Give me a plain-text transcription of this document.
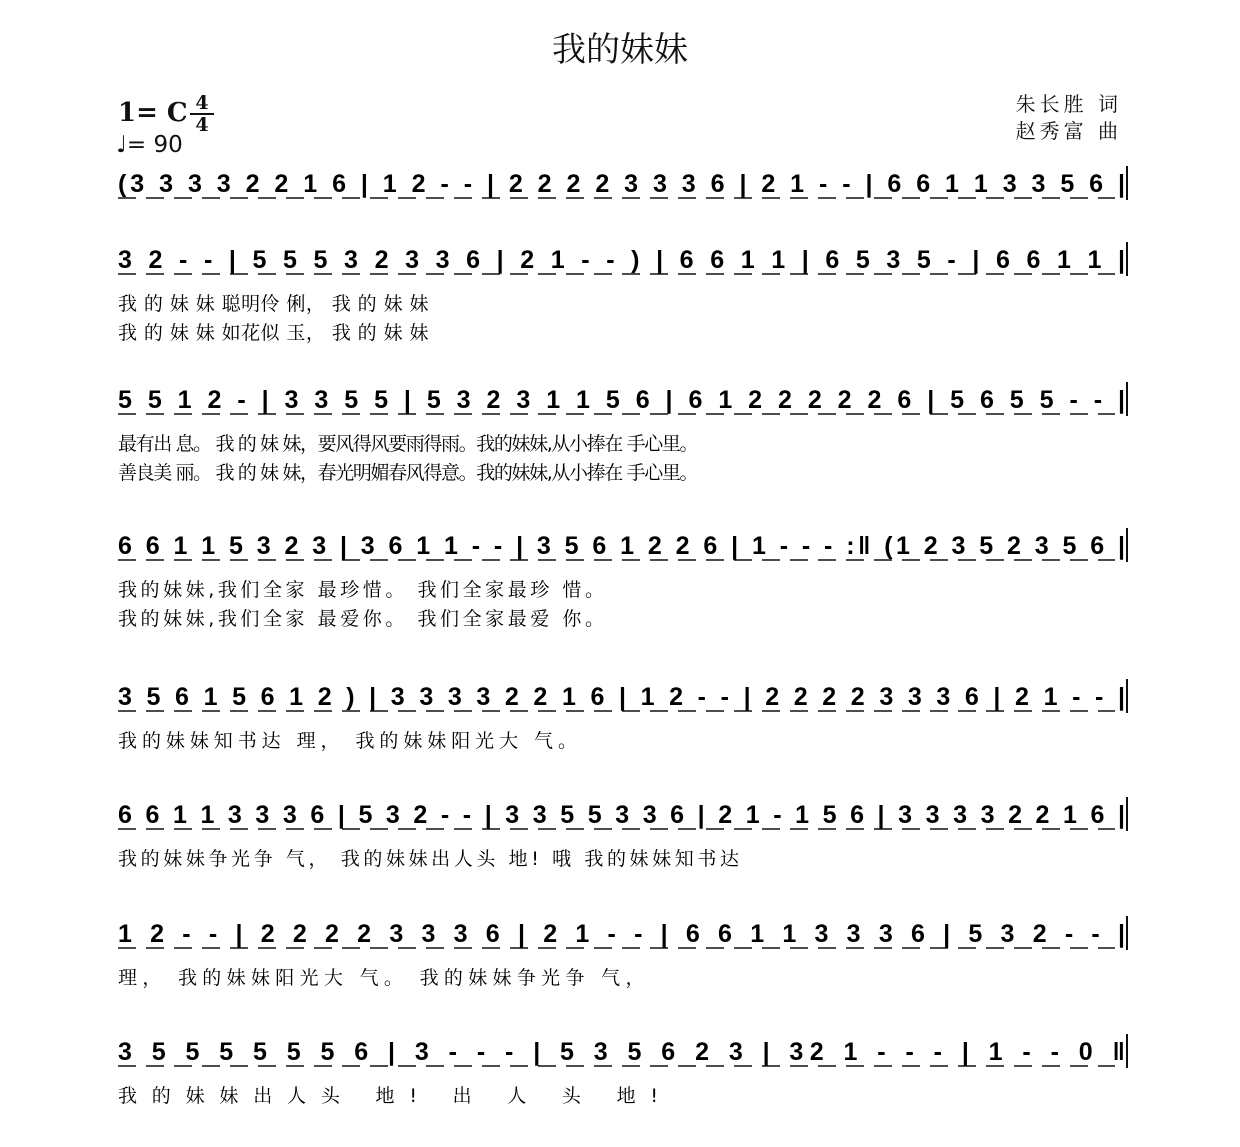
我的妹妹
1= C 4
4
♩= 90
朱长胜 词
赵秀富 曲
(3 3 3 3 2 2 1 6 | 1 2 - - | 2 2 2 2 3 3 3 6 | 2 1 - - | 6 6 1 1 3 3 5 6 |
3 2 - - | 5 5 5 3 2 3 3 6 | 2 1 - - ) | 6 6 1 1 | 6 5 3 5 - | 6 6 1 1 |
我 的 妹 妹 聪明伶 俐， 我 的 妹 妹
我 的 妹 妹 如花似 玉， 我 的 妹 妹
5 5 1 2 - | 3 3 5 5 | 5 3 2 3 1 1 5 6 | 6 1 2 2 2 2 2 6 | 5 6 5 5 - - |
最有出 息。 我 的 妹 妹，要风得风要雨得雨。我的妹妹,从小捧在 手心里。
善良美 丽。 我 的 妹 妹，春光明媚春风得意。我的妹妹,从小捧在 手心里。
6 6 1 1 5 3 2 3 | 3 6 1 1 - - | 3 5 6 1 2 2 6 | 1 - - - :‖ (1 2 3 5 2 3 5 6 |
我的妹妹,我们全家 最珍惜。 我们全家最珍 惜。
我的妹妹,我们全家 最爱你。 我们全家最爱 你。
3 5 6 1 5 6 1 2 ) | 3 3 3 3 2 2 1 6 | 1 2 - - | 2 2 2 2 3 3 3 6 | 2 1 - - |
我的妹妹知书达 理， 我的妹妹阳光大 气。
6 6 1 1 3 3 3 6 | 5 3 2 - - | 3 3 5 5 3 3 6 | 2 1 - 1 5 6 | 3 3 3 3 2 2 1 6 |
我的妹妹争光争 气， 我的妹妹出人头 地! 哦 我的妹妹知书达
1 2 - - | 2 2 2 2 3 3 3 6 | 2 1 - - | 6 6 1 1 3 3 3 6 | 5 3 2 - - |
理， 我的妹妹阳光大 气。 我的妹妹争光争 气，
3 5 5 5 5 5 5 6 | 3 - - - | 5 3 5 6 2 3 | 32 1 - - - | 1 - - 0 ‖
我的妹妹出人头 地! 出 人 头 地!
